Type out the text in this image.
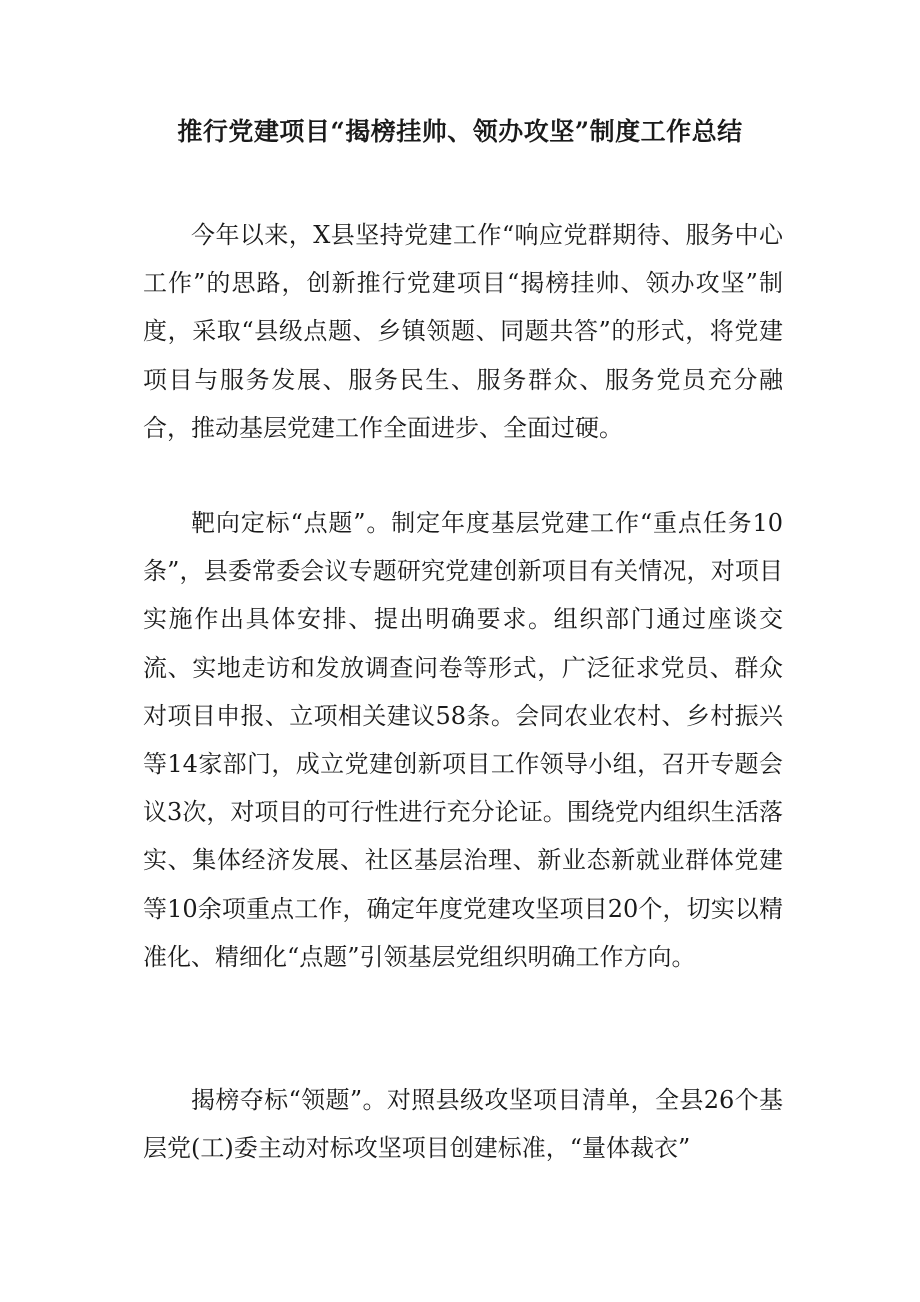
推行党建项目“揭榜挂帅、领办攻坚”制度工作总结

今年以来，X县坚持党建工作“响应党群期待、服务中心工作”的思路，创新推行党建项目“揭榜挂帅、领办攻坚”制度，采取“县级点题、乡镇领题、同题共答”的形式，将党建项目与服务发展、服务民生、服务群众、服务党员充分融合，推动基层党建工作全面进步、全面过硬。

靶向定标“点题”。制定年度基层党建工作“重点任务10条”，县委常委会议专题研究党建创新项目有关情况，对项目实施作出具体安排、提出明确要求。组织部门通过座谈交流、实地走访和发放调查问卷等形式，广泛征求党员、群众对项目申报、立项相关建议58条。会同农业农村、乡村振兴等14家部门，成立党建创新项目工作领导小组，召开专题会议3次，对项目的可行性进行充分论证。围绕党内组织生活落实、集体经济发展、社区基层治理、新业态新就业群体党建等10余项重点工作，确定年度党建攻坚项目20个，切实以精准化、精细化“点题”引领基层党组织明确工作方向。

揭榜夺标“领题”。对照县级攻坚项目清单，全县26个基层党(工)委主动对标攻坚项目创建标准，“量体裁衣”
